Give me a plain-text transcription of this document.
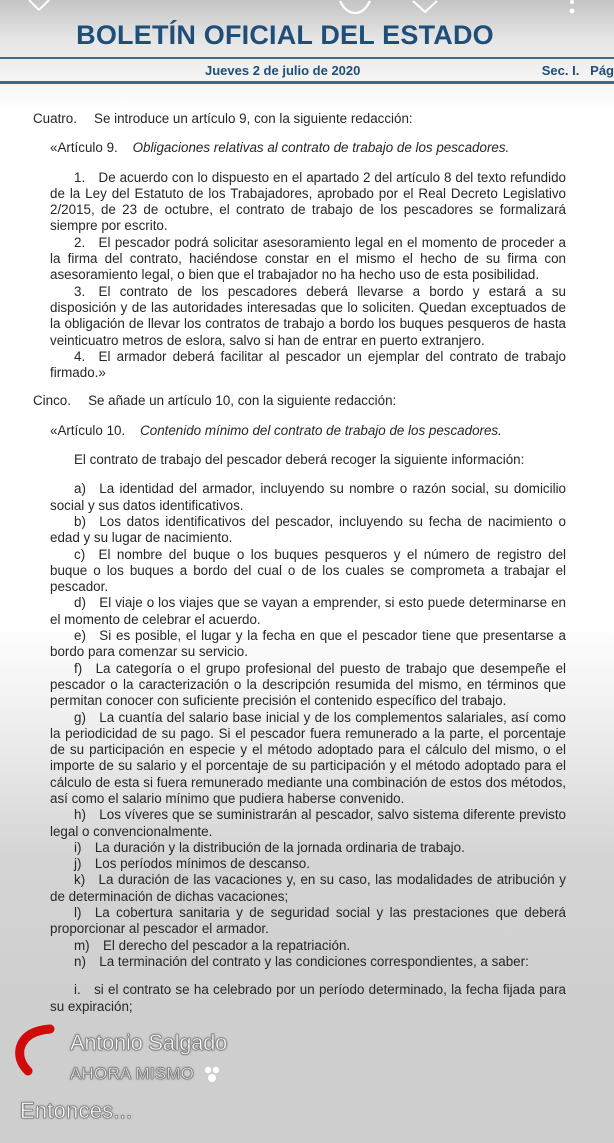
BOLETÍN OFICIAL DEL ESTADO
Jueves 2 de julio de 2020	Sec. I. Pág

Cuatro.  Se introduce un artículo 9, con la siguiente redacción:

«Artículo 9. Obligaciones relativas al contrato de trabajo de los pescadores.

1. De acuerdo con lo dispuesto en el apartado 2 del artículo 8 del texto refundido de la Ley del Estatuto de los Trabajadores, aprobado por el Real Decreto Legislativo 2/2015, de 23 de octubre, el contrato de trabajo de los pescadores se formalizará siempre por escrito.

2. El pescador podrá solicitar asesoramiento legal en el momento de proceder a la firma del contrato, haciéndose constar en el mismo el hecho de su firma con asesoramiento legal, o bien que el trabajador no ha hecho uso de esta posibilidad.

3. El contrato de los pescadores deberá llevarse a bordo y estará a su disposición y de las autoridades interesadas que lo soliciten. Quedan exceptuados de la obligación de llevar los contratos de trabajo a bordo los buques pesqueros de hasta veinticuatro metros de eslora, salvo si han de entrar en puerto extranjero.

4. El armador deberá facilitar al pescador un ejemplar del contrato de trabajo firmado.»

Cinco.  Se añade un artículo 10, con la siguiente redacción:

«Artículo 10. Contenido mínimo del contrato de trabajo de los pescadores.

El contrato de trabajo del pescador deberá recoger la siguiente información:

a) La identidad del armador, incluyendo su nombre o razón social, su domicilio social y sus datos identificativos.

b) Los datos identificativos del pescador, incluyendo su fecha de nacimiento o edad y su lugar de nacimiento.

c) El nombre del buque o los buques pesqueros y el número de registro del buque o los buques a bordo del cual o de los cuales se comprometa a trabajar el pescador.

d) El viaje o los viajes que se vayan a emprender, si esto puede determinarse en el momento de celebrar el acuerdo.

e) Si es posible, el lugar y la fecha en que el pescador tiene que presentarse a bordo para comenzar su servicio.

f) La categoría o el grupo profesional del puesto de trabajo que desempeñe el pescador o la caracterización o la descripción resumida del mismo, en términos que permitan conocer con suficiente precisión el contenido específico del trabajo.

g) La cuantía del salario base inicial y de los complementos salariales, así como la periodicidad de su pago. Si el pescador fuera remunerado a la parte, el porcentaje de su participación en especie y el método adoptado para el cálculo del mismo, o el importe de su salario y el porcentaje de su participación y el método adoptado para el cálculo de esta si fuera remunerado mediante una combinación de estos dos métodos, así como el salario mínimo que pudiera haberse convenido.

h) Los víveres que se suministrarán al pescador, salvo sistema diferente previsto legal o convencionalmente.

i) La duración y la distribución de la jornada ordinaria de trabajo.

j) Los períodos mínimos de descanso.

k) La duración de las vacaciones y, en su caso, las modalidades de atribución y de determinación de dichas vacaciones;

l) La cobertura sanitaria y de seguridad social y las prestaciones que deberá proporcionar al pescador el armador.

m) El derecho del pescador a la repatriación.

n) La terminación del contrato y las condiciones correspondientes, a saber:

i. si el contrato se ha celebrado por un período determinado, la fecha fijada para su expiración;

Antonio Salgado
AHORA MISMO
Entonces...
